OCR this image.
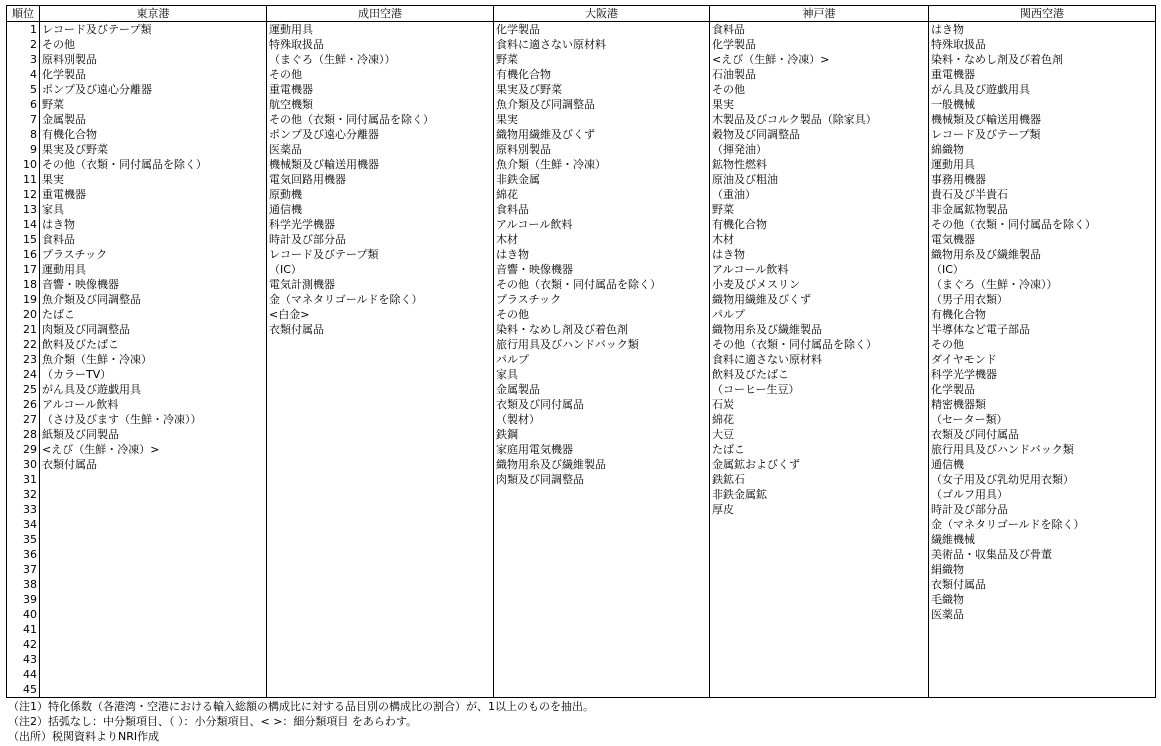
順位	東京港	成田空港	大阪港	神戸港	関西空港
1	レコード及びテープ類	運動用具	化学製品	食料品	はき物
2	その他	特殊取扱品	食料に適さない原材料	化学製品	特殊取扱品
3	原料別製品	（まぐろ（生鮮・冷凍））	野菜	<えび（生鮮・冷凍）>	染料・なめし剤及び着色剤
4	化学製品	その他	有機化合物	石油製品	重電機器
5	ポンプ及び遠心分離器	重電機器	果実及び野菜	その他	がん具及び遊戯用具
6	野菜	航空機類	魚介類及び同調整品	果実	一般機械
7	金属製品	その他（衣類・同付属品を除く）	果実	木製品及びコルク製品（除家具）	機械類及び輸送用機器
8	有機化合物	ポンプ及び遠心分離器	織物用繊維及びくず	穀物及び同調整品	レコード及びテープ類
9	果実及び野菜	医薬品	原料別製品	（揮発油）	綿織物
10	その他（衣類・同付属品を除く）	機械類及び輸送用機器	魚介類（生鮮・冷凍）	鉱物性燃料	運動用具
11	果実	電気回路用機器	非鉄金属	原油及び粗油	事務用機器
12	重電機器	原動機	綿花	（重油）	貴石及び半貴石
13	家具	通信機	食料品	野菜	非金属鉱物製品
14	はき物	科学光学機器	アルコール飲料	有機化合物	その他（衣類・同付属品を除く）
15	食料品	時計及び部分品	木材	木材	電気機器
16	プラスチック	レコード及びテープ類	はき物	はき物	織物用糸及び繊維製品
17	運動用具	（IC）	音響・映像機器	アルコール飲料	（IC）
18	音響・映像機器	電気計測機器	その他（衣類・同付属品を除く）	小麦及びメスリン	（まぐろ（生鮮・冷凍））
19	魚介類及び同調整品	金（マネタリゴールドを除く）	プラスチック	織物用繊維及びくず	（男子用衣類）
20	たばこ	<白金>	その他	パルプ	有機化合物
21	肉類及び同調整品	衣類付属品	染料・なめし剤及び着色剤	織物用糸及び繊維製品	半導体など電子部品
22	飲料及びたばこ		旅行用具及びハンドバック類	その他（衣類・同付属品を除く）	その他
23	魚介類（生鮮・冷凍）		パルプ	食料に適さない原材料	ダイヤモンド
24	（カラーTV）		家具	飲料及びたばこ	科学光学機器
25	がん具及び遊戯用具		金属製品	（コーヒー生豆）	化学製品
26	アルコール飲料		衣類及び同付属品	石炭	精密機器類
27	（さけ及びます（生鮮・冷凍））		（製材）	綿花	（セーター類）
28	紙類及び同製品		鉄鋼	大豆	衣類及び同付属品
29	<えび（生鮮・冷凍）>		家庭用電気機器	たばこ	旅行用具及びハンドバック類
30	衣類付属品		織物用糸及び繊維製品	金属鉱およびくず	通信機
31			肉類及び同調整品	鉄鉱石	（女子用及び乳幼児用衣類）
32				非鉄金属鉱	（ゴルフ用具）
33				厚皮	時計及び部分品
34					金（マネタリゴールドを除く）
35					繊維機械
36					美術品・収集品及び骨董
37					絹織物
38					衣類付属品
39					毛織物
40					医薬品
41					
42					
43					
44					
45					
（注1）特化係数（各港湾・空港における輸入総額の構成比に対する品目別の構成比の割合）が、1以上のものを抽出。
（注2）括弧なし：中分類項目、（ ）：小分類項目、< >：細分類項目 をあらわす。
（出所）税関資料よりNRI作成
